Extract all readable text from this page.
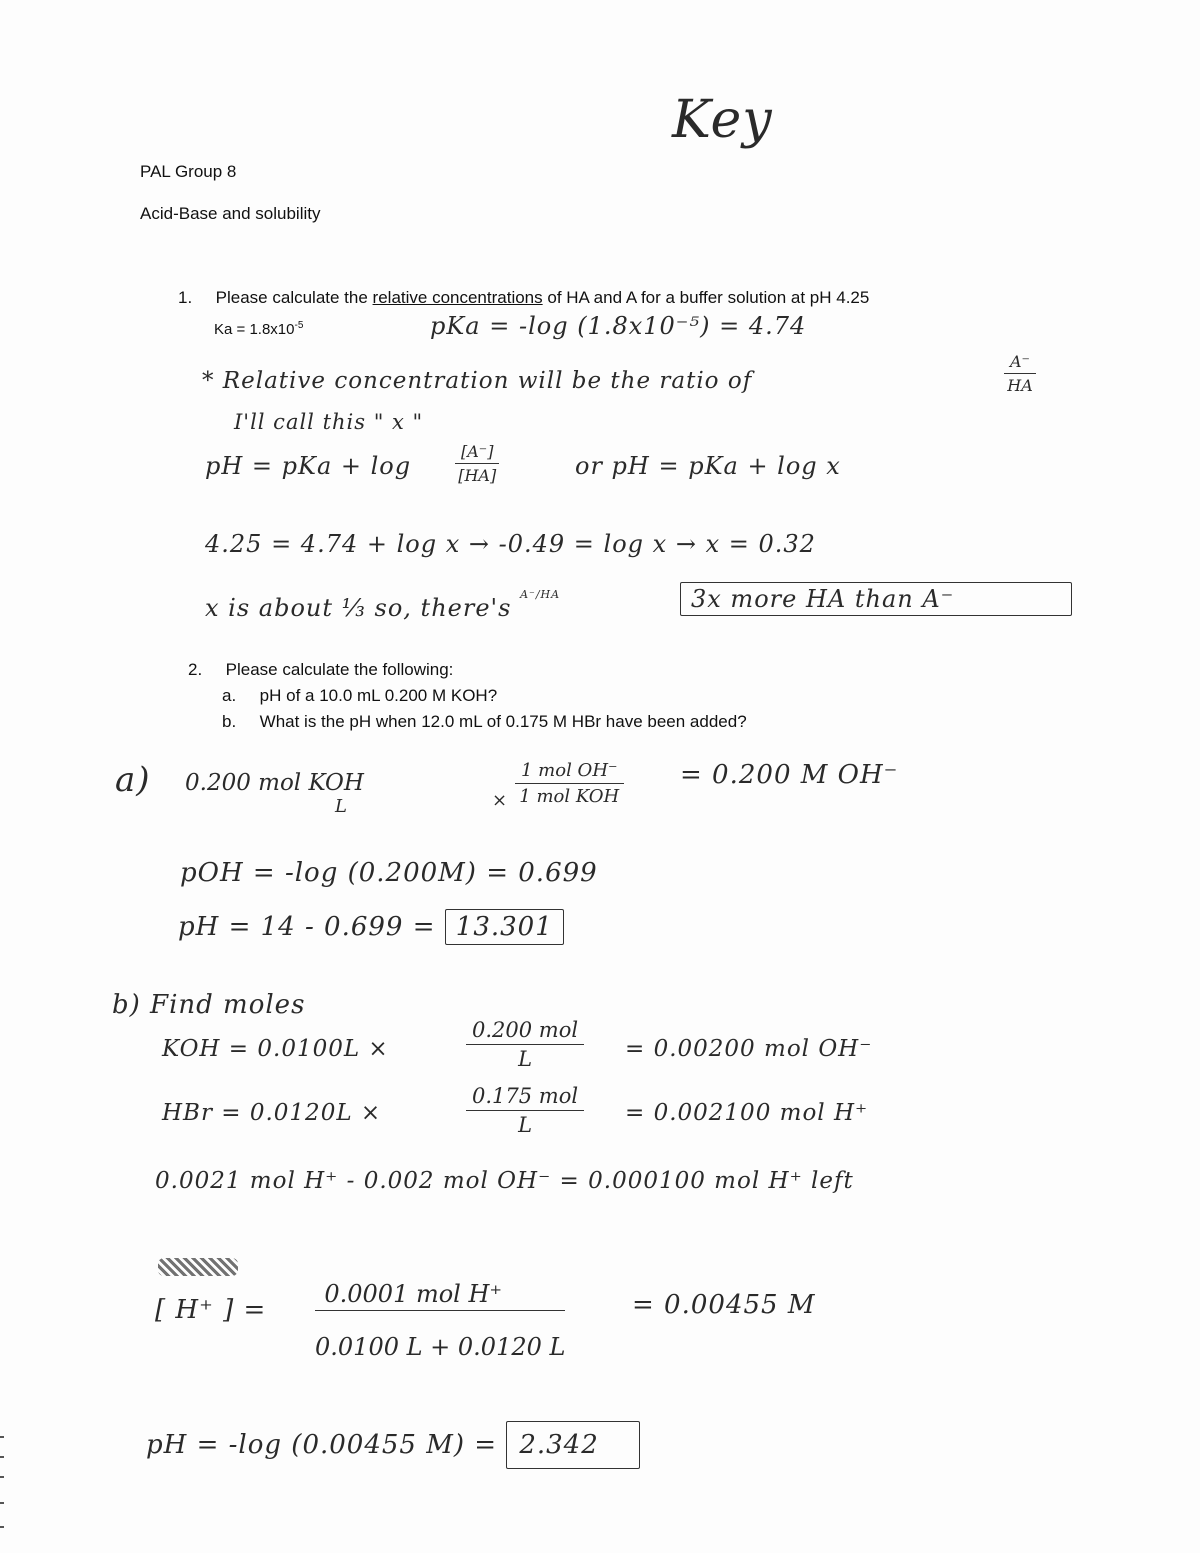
Key
PAL Group 8
Acid-Base and solubility
1. Please calculate the relative concentrations of HA and A for a buffer solution at pH 4.25
$Ka = 1.8x10^{-5}$	pKa = -log (1.8x10⁻⁵) = 4.74
* Relative concentration will be the ratio of	$\frac{A^-}{HA}$
I'll call this " x "
pH = pKa + log	$\frac{[A^-]}{[HA]}$	or pH = pKa + log x
4.25 = 4.74 + log x → -0.49 = log x → x = 0.32
x is about ⅓ so, there's $^{A^-/HA}$	3x more HA than A⁻
2. Please calculate the following:
a. pH of a 10.0 mL 0.200 M KOH?
b. What is the pH when 12.0 mL of 0.175 M HBr have been added?
a) 0.200 mol KOH
L	×
1 mol OH⁻
1 mol KOH
= 0.200 M OH⁻
pOH = -log (0.200M) = 0.699
pH = 14 - 0.699 = 13.301
b) Find moles
KOH = 0.0100L ×
0.200 mol
L	= 0.00200 mol OH⁻
HBr = 0.0120L ×
0.175 mol
L	= 0.002100 mol H⁺
0.0021 mol H⁺ - 0.002 mol OH⁻ = 0.000100 mol H⁺ left
[ H⁺ ] =
0.0001 mol H⁺
0.0100 L + 0.0120 L
= 0.00455 M
pH = -log (0.00455 M) = 2.342
